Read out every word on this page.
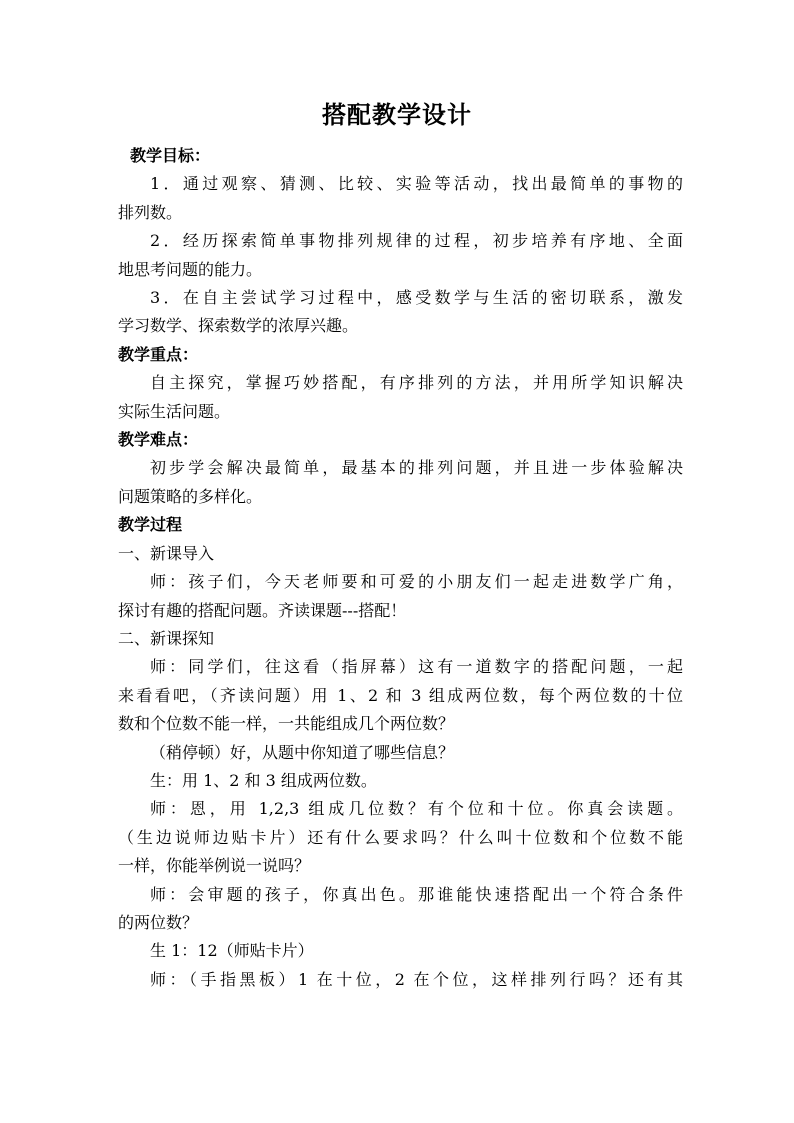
搭配教学设计
教学目标：
1．通过观察、猜测、比较、实验等活动，找出最简单的事物的
排列数。
2．经历探索简单事物排列规律的过程，初步培养有序地、全面
地思考问题的能力。
3．在自主尝试学习过程中，感受数学与生活的密切联系，激发
学习数学、探索数学的浓厚兴趣。
教学重点：
自主探究，掌握巧妙搭配，有序排列的方法，并用所学知识解决
实际生活问题。
教学难点：
初步学会解决最简单，最基本的排列问题，并且进一步体验解决
问题策略的多样化。
教学过程
一、新课导入
师：孩子们，今天老师要和可爱的小朋友们一起走进数学广角，
探讨有趣的搭配问题。齐读课题---搭配！
二、新课探知
师：同学们，往这看（指屏幕）这有一道数字的搭配问题，一起
来看看吧，（齐读问题）用 1、2 和 3 组成两位数，每个两位数的十位
数和个位数不能一样，一共能组成几个两位数？
（稍停顿）好，从题中你知道了哪些信息？
生：用 1、2 和 3 组成两位数。
师：恩，用 1,2,3 组成几位数？有个位和十位。你真会读题。
（生边说师边贴卡片）还有什么要求吗？什么叫十位数和个位数不能
一样，你能举例说一说吗？
师：会审题的孩子，你真出色。那谁能快速搭配出一个符合条件
的两位数？
生 1：12（师贴卡片）
师：（手指黑板）1 在十位，2 在个位，这样排列行吗？还有其
